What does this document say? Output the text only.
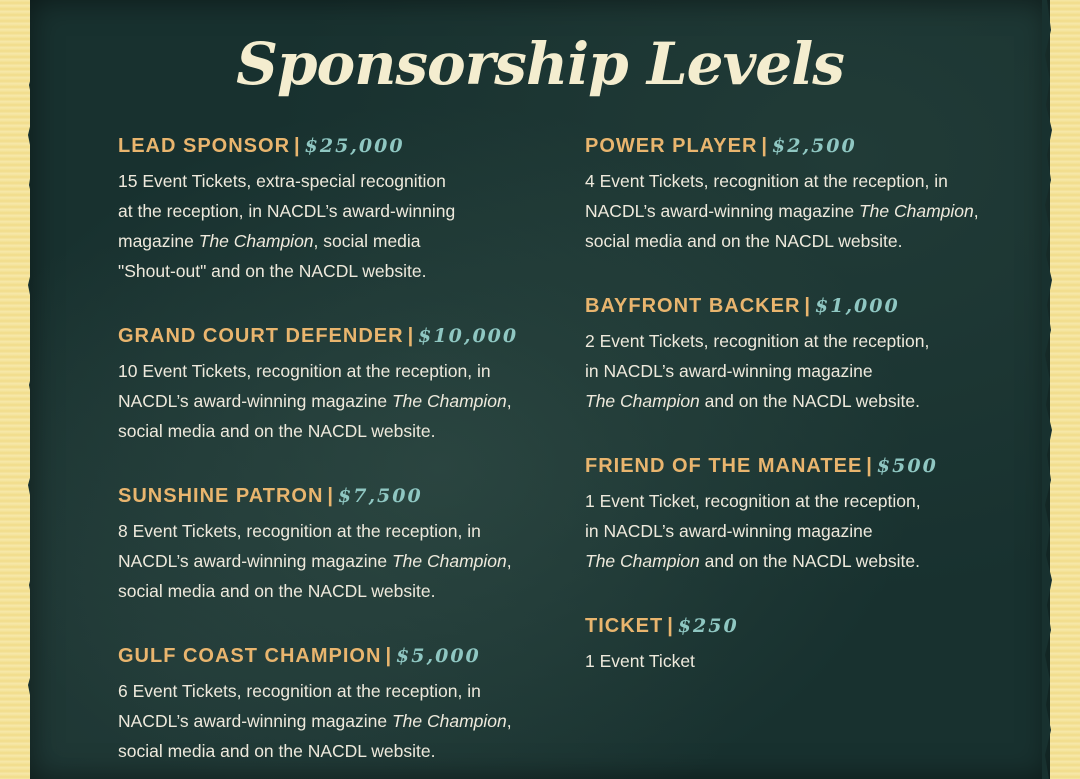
Sponsorship Levels
LEAD SPONSOR | $25,000
15 Event Tickets, extra-special recognition
at the reception, in NACDL’s award-winning
magazine The Champion, social media
"Shout-out" and on the NACDL website.
GRAND COURT DEFENDER | $10,000
10 Event Tickets, recognition at the reception, in
NACDL’s award-winning magazine The Champion,
social media and on the NACDL website.
SUNSHINE PATRON | $7,500
8 Event Tickets, recognition at the reception, in
NACDL’s award-winning magazine The Champion,
social media and on the NACDL website.
GULF COAST CHAMPION | $5,000
6 Event Tickets, recognition at the reception, in
NACDL’s award-winning magazine The Champion,
social media and on the NACDL website.
POWER PLAYER | $2,500
4 Event Tickets, recognition at the reception, in
NACDL’s award-winning magazine The Champion,
social media and on the NACDL website.
BAYFRONT BACKER | $1,000
2 Event Tickets, recognition at the reception,
in NACDL’s award-winning magazine
The Champion and on the NACDL website.
FRIEND OF THE MANATEE | $500
1 Event Ticket, recognition at the reception,
in NACDL’s award-winning magazine
The Champion and on the NACDL website.
TICKET | $250
1 Event Ticket
